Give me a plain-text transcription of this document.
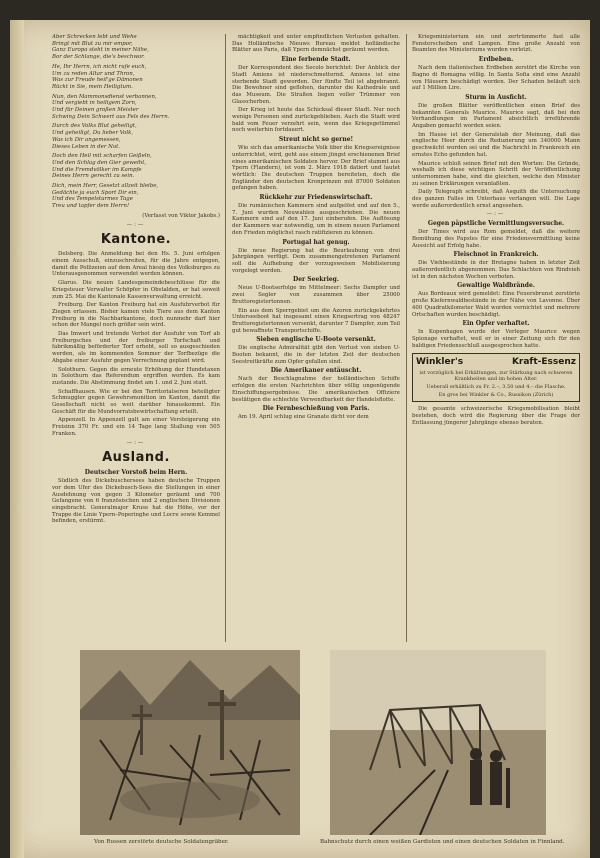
Aber Schrecken lebt und Wehe
Bringt mit Blut zu mir empor,
Ganz Europa steht in meiner Nähe,
Bor der Schlange, die's beschwor.
He, Ihr Herrn, ich nicht rufe euch,
Um zu reden Altar und Thron,
Was zur Freude heil'ge Dämonen
Rückt in Sie, mein Heiligtum.
Nun, den Mammonsdienst verbannen,
Und vergiebt in heiligem Zorn,
Und für Deinen großen Meister
Schwing Dein Schwert aus Fels des Herrn.
Durch des Volks Blut geheiligt,
Und geheiligt, Du lieber Volk,
Was ich Dir angemessen,
Dieses Leben in der Not.
Doch den Heil mit scharfen Geißeln,
Und den Schlag den Gier geweiht,
Und die Fremdvölker im Kampfe
Deines Herrn gerecht zu sein.
Dich, mein Herr, Gesetzt allzeit bleibe,
Gedächte ja euch Sport Dir ein,
Und des Tempelsturmes Tage
Treu und tapfer dem Herrn!
(Verfasst von Viktor Jakobs.)
—:—
Kantone.

Delsberg. Die Anmeldung bei den Hs. 5. Juni erfolgen einem Ausschuß, einzuschreiten, für die Jahre entgegen, damit die Pollizeien auf dem Areal hiesig des Volksburges zu Unterausgenommen verwendet werden können.

Glarus. Die neuen Landesgemeindebeschlüsse für die Kriegsteuer Verwalter Schöpfer in Obstalden, er hat soweit zum 25. Mai die Kantonale Kassenverwaltung erreicht.

Freiburg. Der Kanton Freiburg hat ein Ausfuhrverbot für Ziegen erlassen. Bisher kamen viele Tiere aus dem Kanton Freiburg in die Nachbarkantone, doch nunmehr darf hier schon der Mangel noch größer sein wird.

Das Imwert und tretende Verbot der Ausfuhr von Torf ab Freiburgsches und der freiburger Torfschaft und fabrikmäßig beförderter Torf erhebt, soll so ausgeschieden werden, als im kommenden Sommer der Torfbezüge die Abgabe einer Ausfuhr gegen Verrechnung geplant wird.

Solothurn. Gegen die erneute Erhöhung der Hundetaxen in Solothurn das Referendum ergriffen worden. Es kam zustande. Die Abstimmung findet am 1. und 2. Juni statt.

Schaffhausen. Wie er bei den Territorialseren beteiligter Schmuggler gegen Gewehrsmunition im Kanton, damit die Gesellschaft nicht so weit darüber hinauskommt. Ein Geschäft für die Mundvorratsbewirtschaftung erteilt.

Appenzell. In Appenzell galt am einer Versteigerung ein Freisinn 370 Fr. und ein 14 Tage lang Stallung von 505 Franken.

—:—
Ausland.
Deutscher Vorstoß beim Hern.

Südlich des Dickebuschersees haben deutsche Truppen vor dem Ufer des Dickebusch-Sees die Stellungen in einer Ausdehnung von gegen 3 Kilometer geräumt und 700 Gefangene von 6 französischen und 2 englischen Divisionen eingebracht. Generalmajor Kruse hat die Höhe, vor der Trappe die Linie Ypern–Poperinghe und Locre sowie Kemmel befinden, erstürmt.

mächtigkeit und unter empfindlichen Verlusten gehalten. Das Holländische Nieuws Bureau meldet holländische Blätter aus Paris, daß Ypern demnächst geräumt werden.

Eine ferbende Stadt.

Der Korrespondent des Secolo berichtet: Der Anblick der Stadt Amiens ist niederschmetternd. Amiens ist eine sterbende Stadt geworden. Der fünfte Teil ist abgebrannt. Die Bewohner sind geflohen, darunter die Kathedrale und das Museum. Die Straßen liegen voller Trümmer von Glasscherben.

Der Krieg ist heute das Schicksal dieser Stadt. Nur noch wenige Personen sind zurückgeblieben. Auch die Stadt wird bald vom Feuer verzehrt sein, wenn das Kriegsgetümmel noch weiterhin fortdauert.

Streut nicht so gerne!

Wie sich das amerikanische Volk über die Kriegsereignisse unterrichtet, wird, geht aus einem jüngst erschienenen Brief eines amerikanischen Soldaten hervor. Der Brief stammt aus Ypern (Flandern), ist vom 2. März 1918 datiert und lautet wörtlich: Die deutschen Truppen bereiteten, doch die Engländer den deutschen Kronprinzen mit 87000 Soldaten gefangen haben.

Rückkehr zur Friedenswirtschaft.

Die rumänischen Kammern sind aufgelöst und auf den 5., 7. Juni wurden Neuwahlen ausgeschrieben. Die neuen Kammern sind auf den 17. Juni einberufen. Die Auflösung der Kammern war notwendig, um in einem neuen Parlament den Frieden möglichst rasch ratifizieren zu können.

Portugal hat genug.

Die neue Regierung hat die Beurlaubung von drei Jahrgängen verfügt. Dem zusammengetretenen Parlament soll die Aufhebung der vorzugsweisen Mobilisierung vorgelegt werden.

Der Seekrieg.

Neue U-Bootserfolge im Mittelmeer: Sechs Dampfer und zwei Segler von zusammen über 25000 Bruttoregistertonnen.

Ein aus dem Sperrgebiet um die Azoren zurückgekehrtes Unterseeboot hat insgesamt einen Kriegsertrag von 48247 Bruttoregistertonnen versenkt, darunter 7 Dampfer, zum Teil gut bewaffnete Transportschiffe.

Sieben englische U-Boote versenkt.

Die englische Admiralität gibt den Verlust von sieben U-Booten bekannt, die in der letzten Zeit der deutschen Seestreitkräfte zum Opfer gefallen sind.

Die Amerikaner entäuscht.

Nach der Beschlagnahme der holländischen Schiffe erfolgen die ersten Nachrichten über völlig ungenügende Einschiffungsergebnisse. Die amerikanischen Offiziere bestätigen die schlechte Verwendbarkeit der Handelsflotte.

Die Fernbeschießung von Paris.

Am 19. April schlug eine Granate dicht vor dem

Kriegsministerium ein und zertrümmerte fast alle Fensterscheiben und Lampen. Eine große Anzahl von Beamten des Ministeriums wurden verletzt.

Erdbeben.

Nach dem italienischen Erdbeben zerstört die Kirche von Bagno di Romagna völlig. In Santa Sofia sind eine Anzahl von Häusern beschädigt worden. Der Schaden beläuft sich auf 1 Million Lire.

Sturm in Ausficht.

Die großen Blätter veröffentlichen einen Brief des bekannten Generals Maurice. Maurice sagt, daß bei den Verhandlungen im Parlament absichtlich irreführende Angaben gemacht worden seien.

Im Hause ist der Generalstab der Meinung, daß das englische Heer durch die Reduzierung um 340000 Mann geschwächt worden sei und die Nachricht in Frankreich ein ernstes Echo gefunden hat.

Maurice schloß seinen Brief mit den Worten: Die Gründe, weshalb ich diese wichtigen Schritt der Veröffentlichung unternommen habe, sind die gleichen, welche den Minister zu seinen Erklärungen veranlaßten.

Daily Telegraph schreibt, daß Asquith die Untersuchung des ganzen Falles im Unterhaus verlangen will. Die Lage werde außerordentlich ernst angesehen.

—:—
Gegen päpstliche Vermittlungsversuche.

Der Times wird aus Rom gemeldet, daß die weitere Bemühung des Papstes für eine Friedensvermittlung keine Aussicht auf Erfolg habe.

Fleischnot in Frankreich.

Die Viehbestände in der Bretagne haben in letzter Zeit außerordentlich abgenommen. Das Schlachten von Rindvieh ist in den nächsten Wochen verboten.

Gewaltige Waldbrände.

Aus Bordeaux wird gemeldet: Eine Feuersbrunst zerstörte große Kiefernwaldbestände in der Nähe von Lavonne. Über 400 Quadratkilometer Wald wurden vernichtet und mehrere Ortschaften wurden beschädigt.

Ein Opfer verhaftet.

In Kopenhagen wurde der Verleger Maurice wegen Spionage verhaftet, weil er in einer Zeitung sich für den baldigen Friedensschluß ausgesprochen hatte.

Winkler's	Kraft-Essenz
ist vorzüglich bei Erkältungen, zur Stärkung nach schweren Krankheiten und im hohen Alter.
Ueberall erhältlich zu Fr. 2.–, 3.50 und 4.– die Flasche.
En gros bei Winkler & Co., Russikon (Zürich)

Die gesamte schweizerische Kriegsmobilisation bleibt bestehen, doch wird die Regierung über die Frage der Entlassung jüngerer Jahrgänge ebenso beraten.

Von Russen zerstörte deutsche Soldatengräber.	Bahnschutz durch einen weißen Gardisten und einen deutschen Soldaten in Finnland.
